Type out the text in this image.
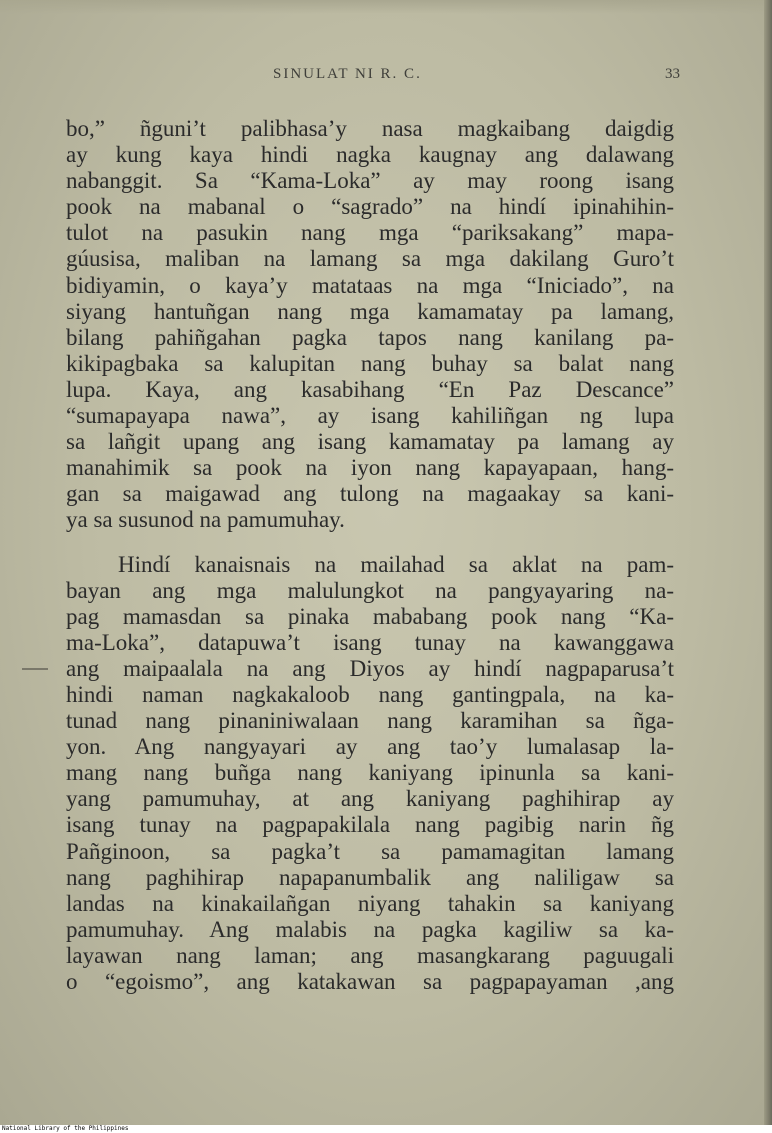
SINULAT NI R. C.	33
bo,” ñguni’t palibhasa’y nasa magkaibang daigdig
ay kung kaya hindi nagka kaugnay ang dalawang
nabanggit. Sa “Kama-Loka” ay may roong isang
pook na mabanal o “sagrado” na hindí ipinahihin-
tulot na pasukin nang mga “pariksakang” mapa-
gúusisa, maliban na lamang sa mga dakilang Guro’t
bidiyamin, o kaya’y matataas na mga “Iniciado”, na
siyang hantuñgan nang mga kamamatay pa lamang,
bilang pahiñgahan pagka tapos nang kanilang pa-
kikipagbaka sa kalupitan nang buhay sa balat nang
lupa. Kaya, ang kasabihang “En Paz Descance”
“sumapayapa nawa”, ay isang kahiliñgan ng lupa
sa lañgit upang ang isang kamamatay pa lamang ay
manahimik sa pook na iyon nang kapayapaan, hang-
gan sa maigawad ang tulong na magaakay sa kani-
ya sa susunod na pamumuhay.
Hindí kanaisnais na mailahad sa aklat na pam-
bayan ang mga malulungkot na pangyayaring na-
pag mamasdan sa pinaka mababang pook nang “Ka-
ma-Loka”, datapuwa’t isang tunay na kawanggawa
ang maipaalala na ang Diyos ay hindí nagpaparusa’t
hindi naman nagkakaloob nang gantingpala, na ka-
tunad nang pinaniniwalaan nang karamihan sa ñga-
yon. Ang nangyayari ay ang tao’y lumalasap la-
mang nang buñga nang kaniyang ipinunla sa kani-
yang pamumuhay, at ang kaniyang paghihirap ay
isang tunay na pagpapakilala nang pagibig narin ñg
Pañginoon, sa pagka’t sa pamamagitan lamang
nang paghihirap napapanumbalik ang naliligaw sa
landas na kinakailañgan niyang tahakin sa kaniyang
pamumuhay. Ang malabis na pagka kagiliw sa ka-
layawan nang laman; ang masangkarang paguugali
o “egoismo”, ang katakawan sa pagpapayaman ,ang
National Library of the Philippines
